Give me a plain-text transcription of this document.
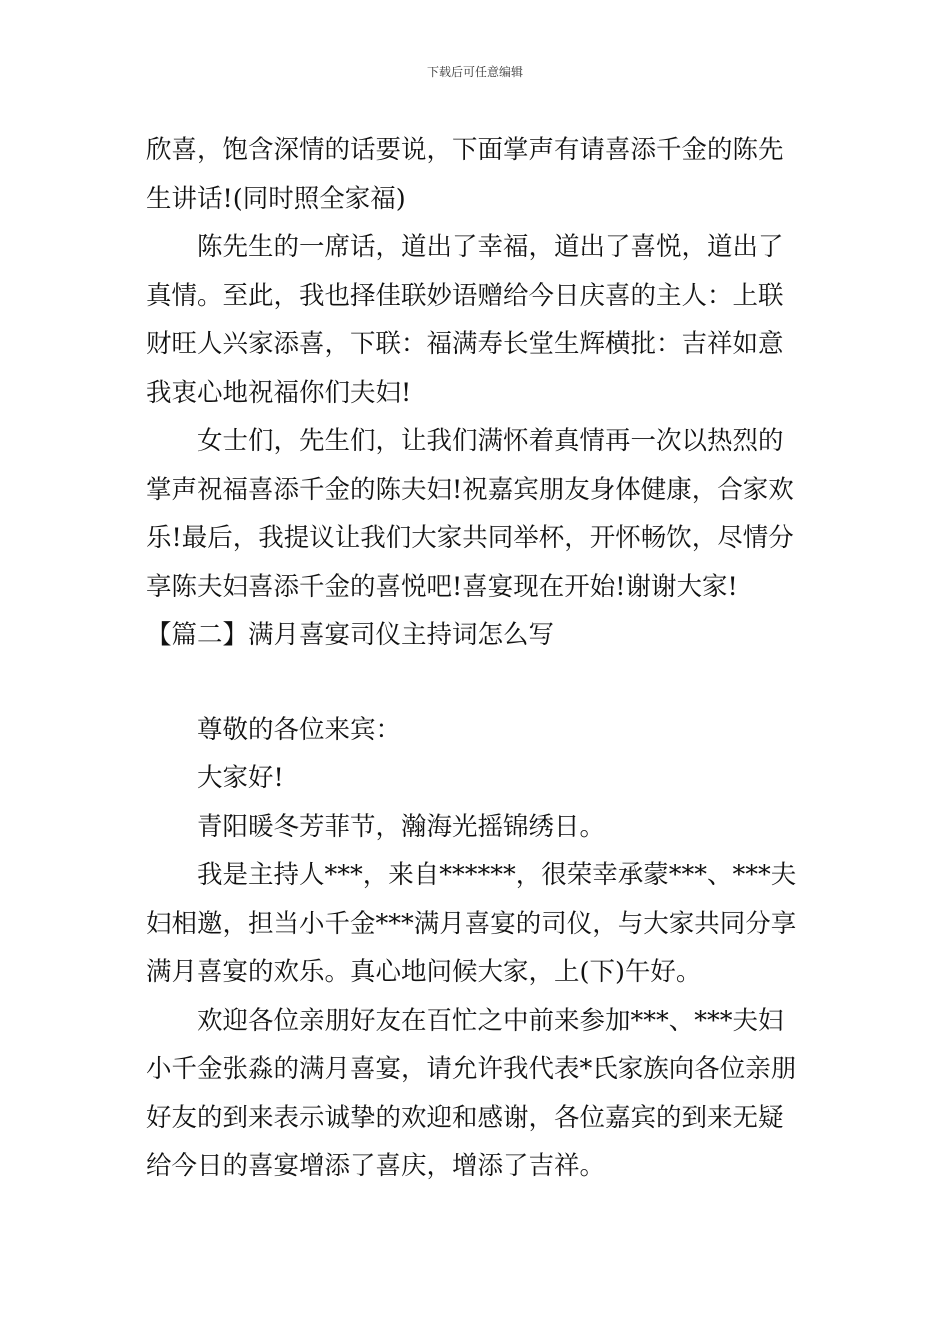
下载后可任意编辑
欣喜，饱含深情的话要说，下面掌声有请喜添千金的陈先
生讲话!(同时照全家福)
陈先生的一席话，道出了幸福，道出了喜悦，道出了
真情。至此，我也择佳联妙语赠给今日庆喜的主人：上联
财旺人兴家添喜，下联：福满寿长堂生辉横批：吉祥如意
我衷心地祝福你们夫妇!
女士们，先生们，让我们满怀着真情再一次以热烈的
掌声祝福喜添千金的陈夫妇!祝嘉宾朋友身体健康，合家欢
乐!最后，我提议让我们大家共同举杯，开怀畅饮，尽情分
享陈夫妇喜添千金的喜悦吧!喜宴现在开始!谢谢大家!
【篇二】满月喜宴司仪主持词怎么写
尊敬的各位来宾：
大家好!
青阳暖冬芳菲节，瀚海光摇锦绣日。
我是主持人***，来自******，很荣幸承蒙***、***夫
妇相邀，担当小千金***满月喜宴的司仪，与大家共同分享
满月喜宴的欢乐。真心地问候大家，上(下)午好。
欢迎各位亲朋好友在百忙之中前来参加***、***夫妇
小千金张淼的满月喜宴，请允许我代表*氏家族向各位亲朋
好友的到来表示诚挚的欢迎和感谢，各位嘉宾的到来无疑
给今日的喜宴增添了喜庆，增添了吉祥。
